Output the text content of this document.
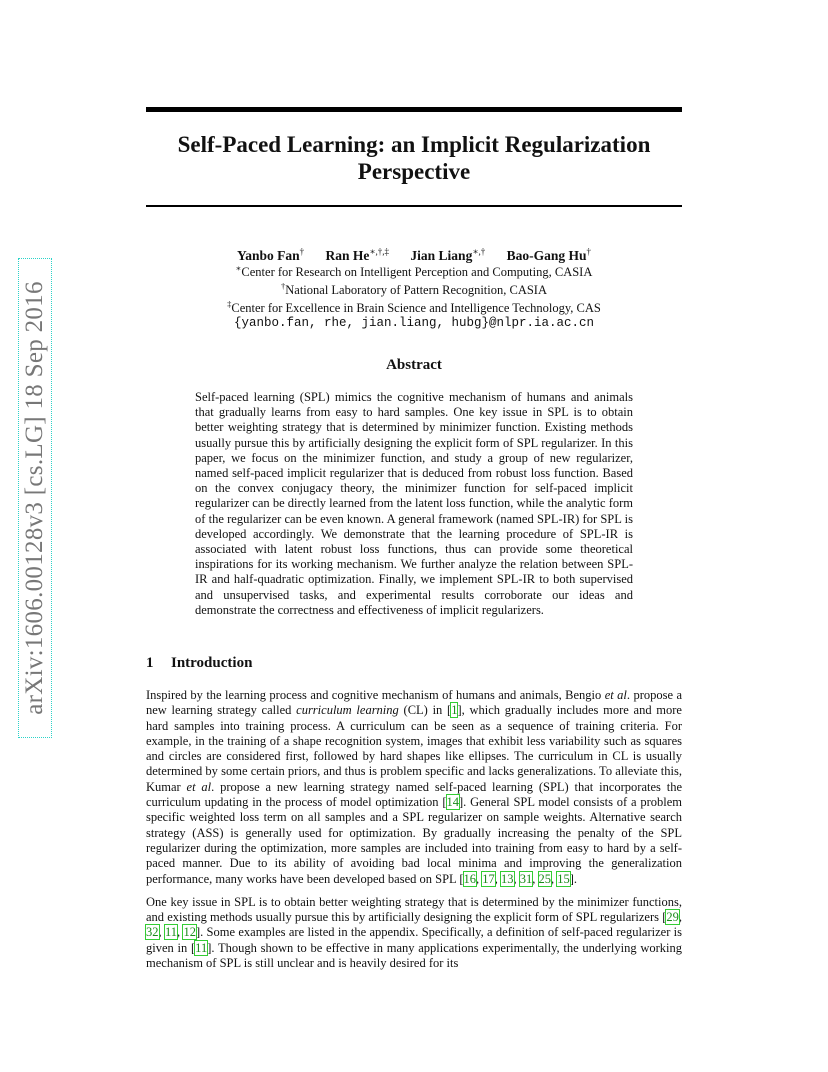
arXiv:1606.00128v3 [cs.LG] 18 Sep 2016
Self-Paced Learning: an Implicit Regularization
Perspective
Yanbo Fan† Ran He∗,†,‡ Jian Liang∗,† Bao-Gang Hu†
∗Center for Research on Intelligent Perception and Computing, CASIA
†National Laboratory of Pattern Recognition, CASIA
‡Center for Excellence in Brain Science and Intelligence Technology, CAS
{yanbo.fan, rhe, jian.liang, hubg}@nlpr.ia.ac.cn
Abstract

Self-paced learning (SPL) mimics the cognitive mechanism of humans and animals that gradually learns from easy to hard samples. One key issue in SPL is to obtain better weighting strategy that is determined by minimizer function. Existing methods usually pursue this by artificially designing the explicit form of SPL regularizer. In this paper, we focus on the minimizer function, and study a group of new regularizer, named self-paced implicit regularizer that is deduced from robust loss function. Based on the convex conjugacy theory, the minimizer function for self-paced implicit regularizer can be directly learned from the latent loss function, while the analytic form of the regularizer can be even known. A general framework (named SPL-IR) for SPL is developed accordingly. We demonstrate that the learning procedure of SPL-IR is associated with latent robust loss functions, thus can provide some theoretical inspirations for its working mechanism. We further analyze the relation between SPL-IR and half-quadratic optimization. Finally, we implement SPL-IR to both supervised and unsupervised tasks, and experimental results corroborate our ideas and demonstrate the correctness and effectiveness of implicit regularizers.

1 Introduction

Inspired by the learning process and cognitive mechanism of humans and animals, Bengio et al. propose a new learning strategy called curriculum learning (CL) in [1], which gradually includes more and more hard samples into training process. A curriculum can be seen as a sequence of training criteria. For example, in the training of a shape recognition system, images that exhibit less variability such as squares and circles are considered first, followed by hard shapes like ellipses. The curriculum in CL is usually determined by some certain priors, and thus is problem specific and lacks generalizations. To alleviate this, Kumar et al. propose a new learning strategy named self-paced learning (SPL) that incorporates the curriculum updating in the process of model optimization [14]. General SPL model consists of a problem specific weighted loss term on all samples and a SPL regularizer on sample weights. Alternative search strategy (ASS) is generally used for optimization. By gradually increasing the penalty of the SPL regularizer during the optimization, more samples are included into training from easy to hard by a self-paced manner. Due to its ability of avoiding bad local minima and improving the generalization performance, many works have been developed based on SPL [16, 17, 13, 31, 25, 15].

One key issue in SPL is to obtain better weighting strategy that is determined by the minimizer functions, and existing methods usually pursue this by artificially designing the explicit form of SPL regularizers [29, 32, 11, 12]. Some examples are listed in the appendix. Specifically, a definition of self-paced regularizer is given in [11]. Though shown to be effective in many applications experimentally, the underlying working mechanism of SPL is still unclear and is heavily desired for its
